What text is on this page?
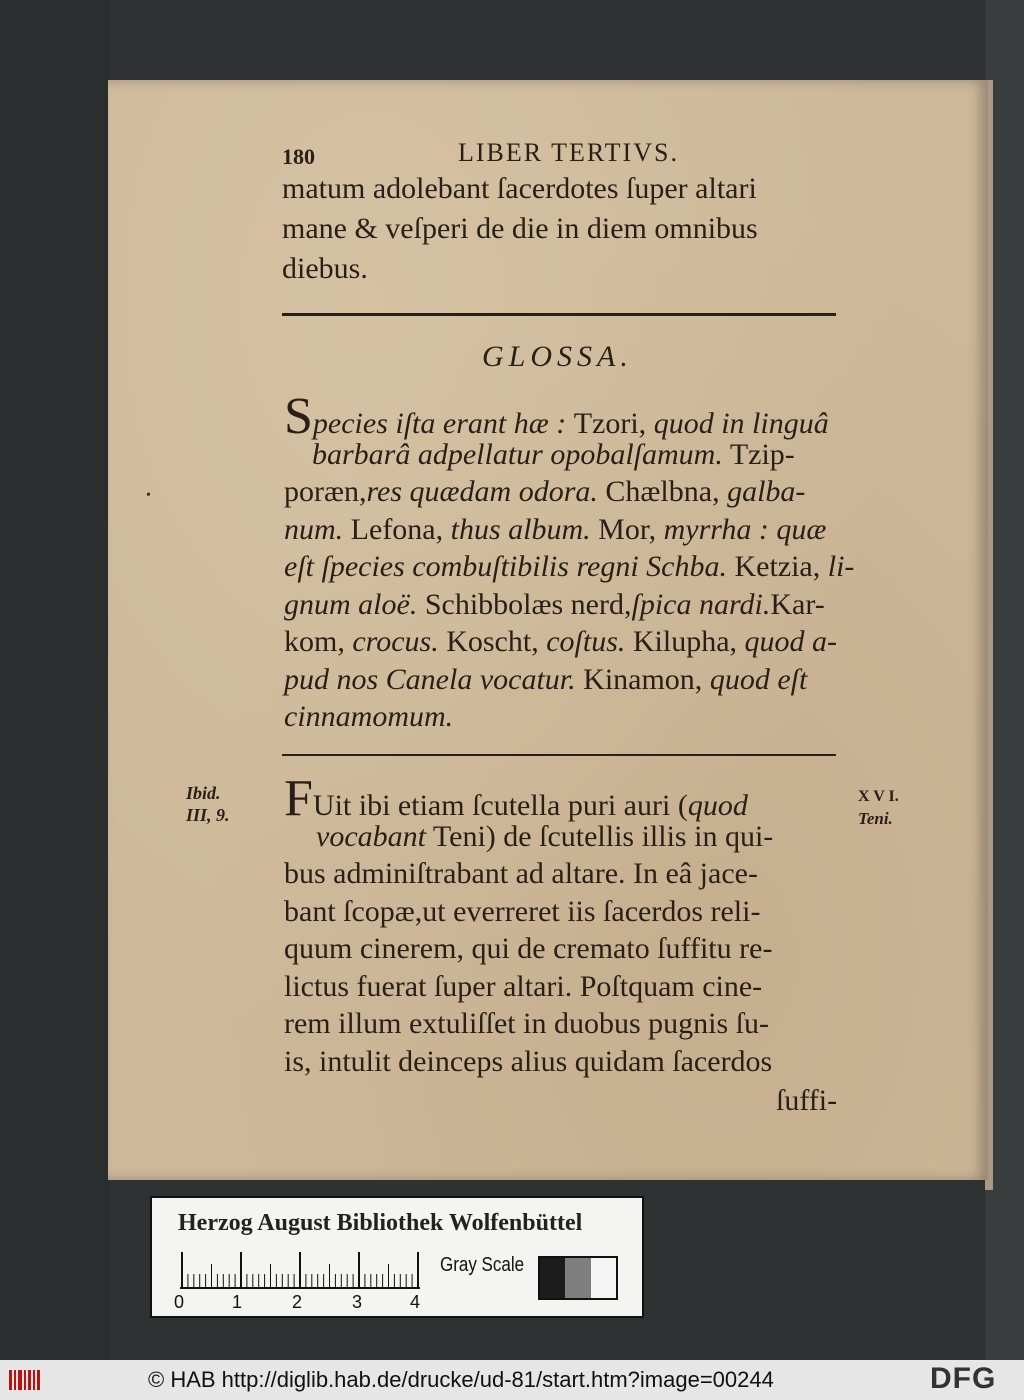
180	LIBER TERTIVS.
matum adolebant ſacerdotes ſuper altari
mane & veſperi de die in diem omnibus
diebus.
GLOSSA.
Species iſta erant hæ : Tzori, quod in linguâ
barbarâ adpellatur opobalſamum. Tzip-
poræn,res quædam odora. Chælbna, galba-
num. Lefona, thus album. Mor, myrrha : quæ
eſt ſpecies combuſtibilis regni Schba. Ketzia, li-
gnum aloë. Schibbolæs nerd,ſpica nardi.Kar-
kom, crocus. Koscht, coſtus. Kilupha, quod a-
pud nos Canela vocatur. Kinamon, quod eſt
cinnamomum.
FUit ibi etiam ſcutella puri auri (quod
vocabant Teni) de ſcutellis illis in qui-
bus adminiſtrabant ad altare. In eâ jace-
bant ſcopæ,ut everreret iis ſacerdos reli-
quum cinerem, qui de cremato ſuffitu re-
lictus fuerat ſuper altari. Poſtquam cine-
rem illum extuliſſet in duobus pugnis ſu-
is, intulit deinceps alius quidam ſacerdos
ſuffi-
Ibid.
III, 9.
X V I.
Teni.
•
Herzog August Bibliothek Wolfenbüttel
0	1	2	3	4
Gray Scale
© HAB http://diglib.hab.de/drucke/ud-81/start.htm?image=00244	DFG
